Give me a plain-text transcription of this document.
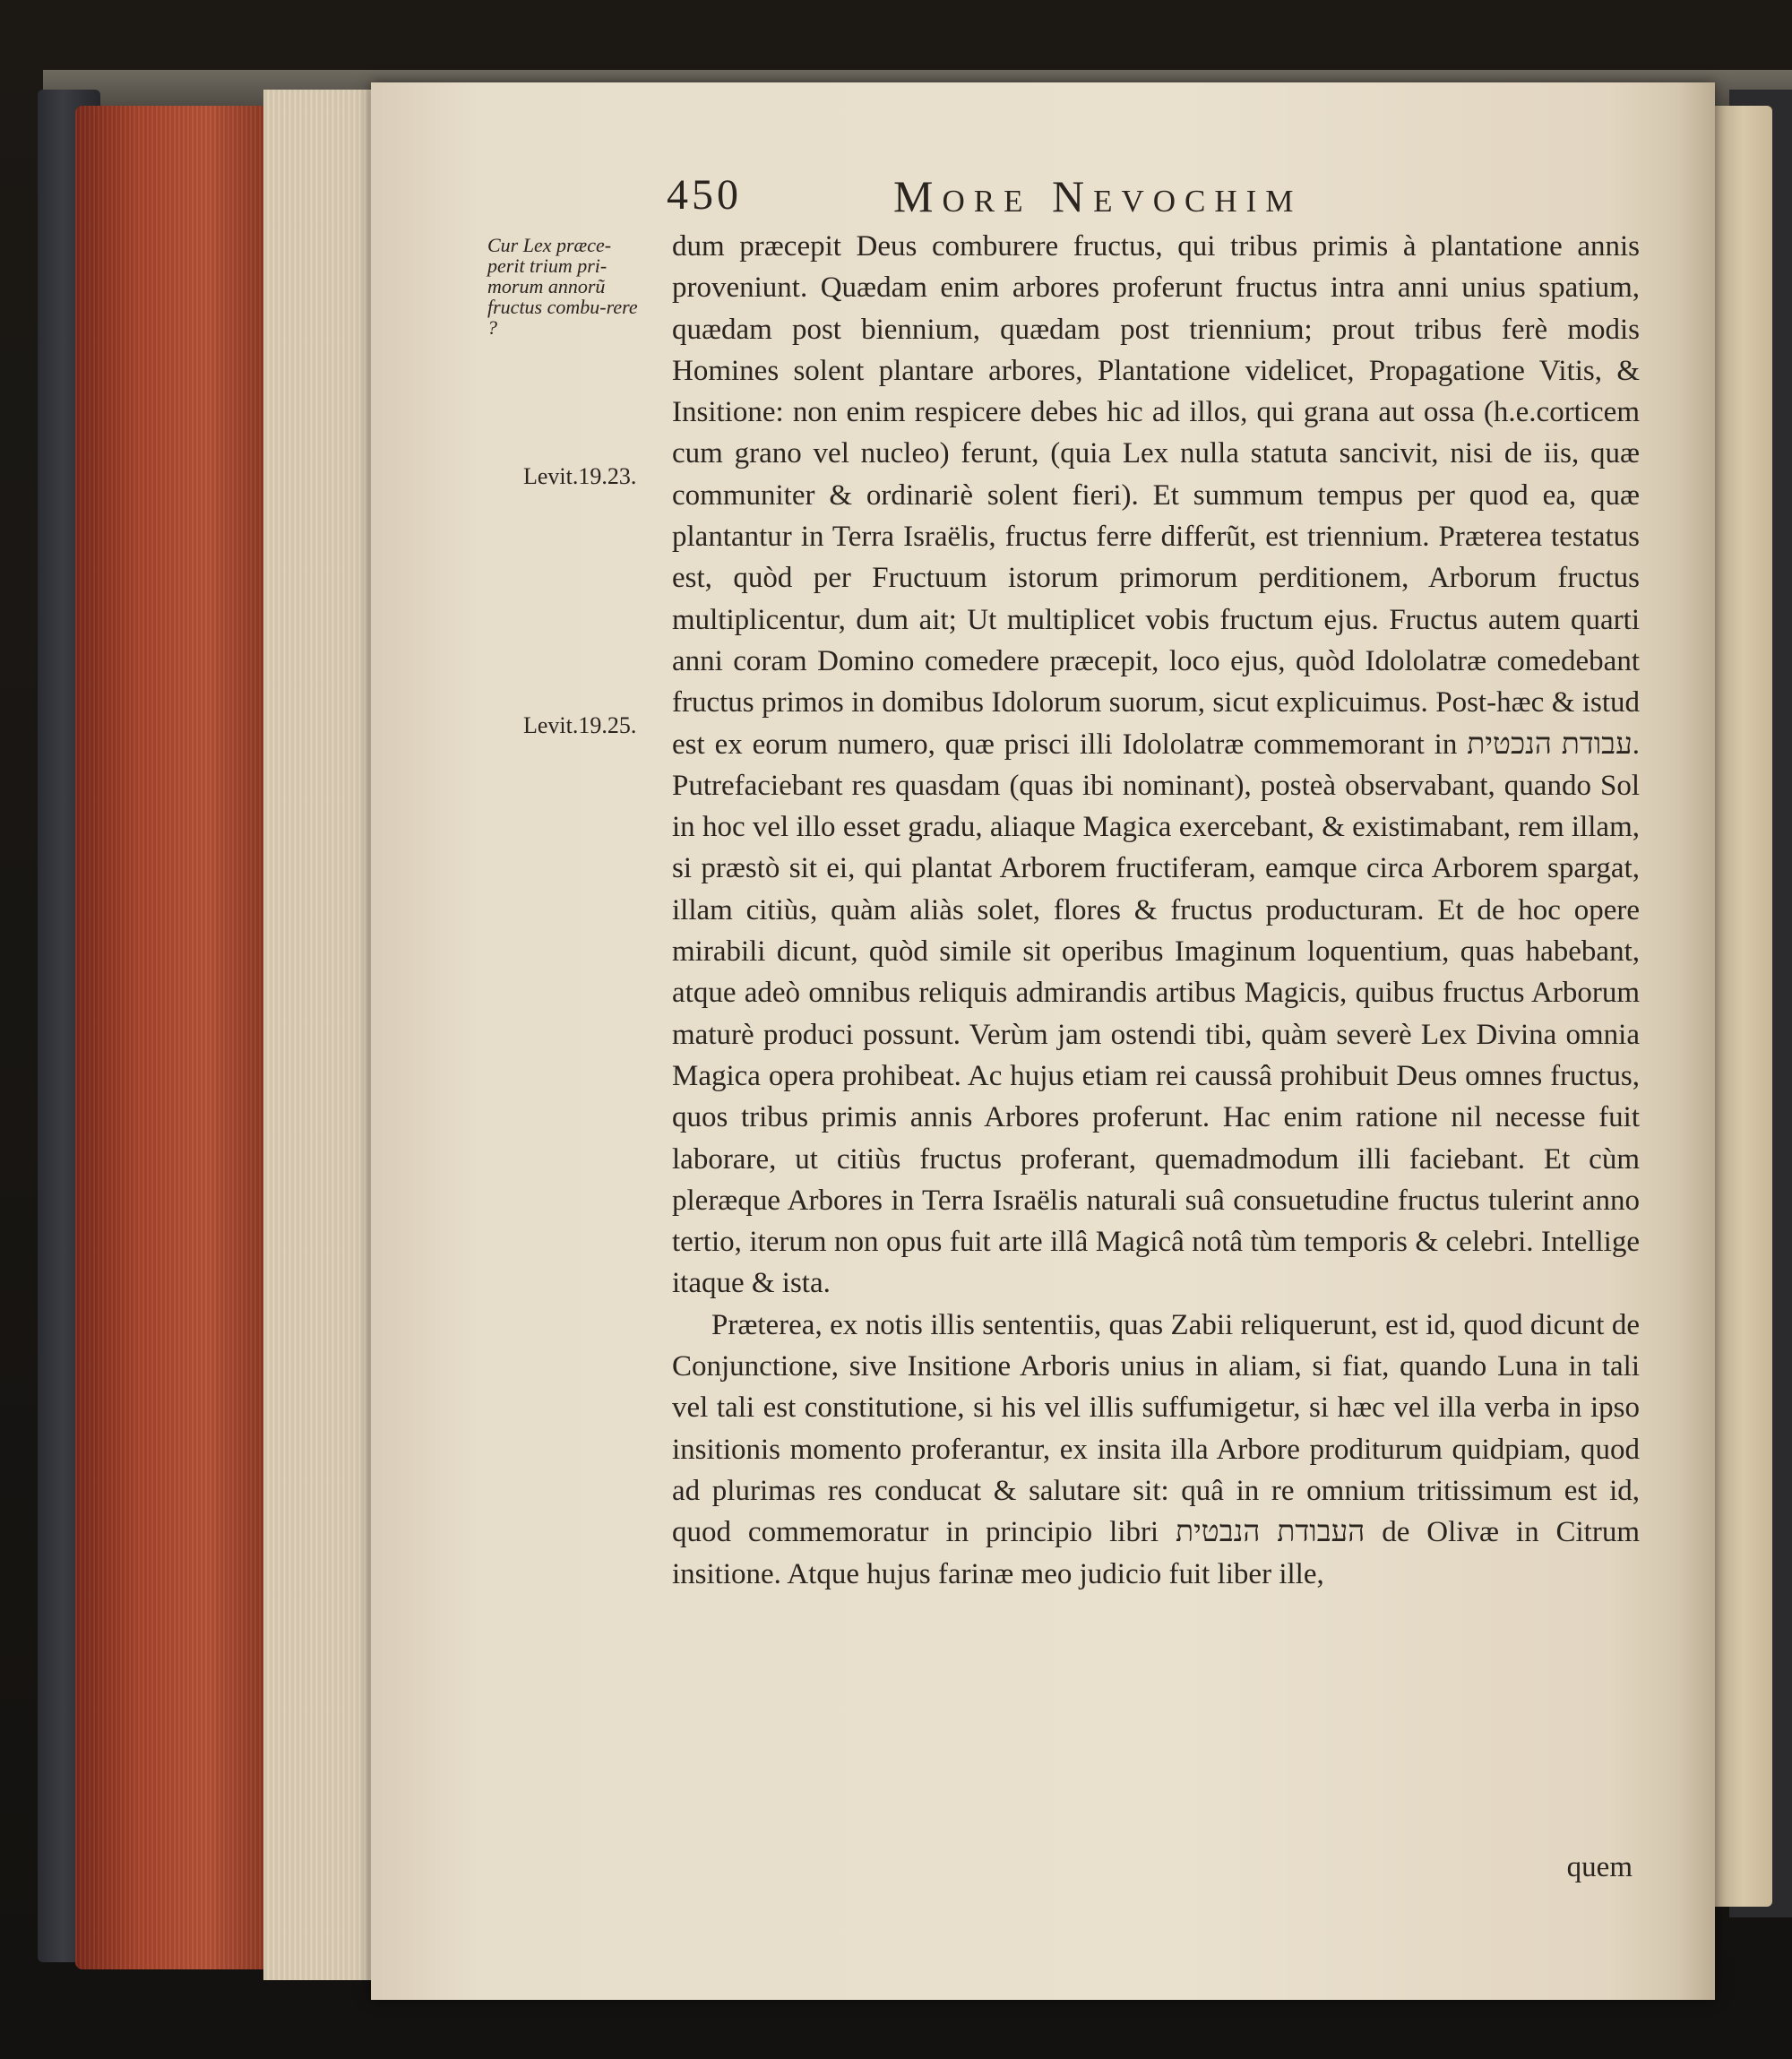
450	More Nevochim
Cur Lex præce-perit trium pri-morum annorũ fructus combu-rere ?
Levit.19.23.
Levit.19.25.

dum præcepit Deus comburere fructus, qui tribus primis à plantatione annis proveniunt. Quædam enim arbores proferunt fructus intra anni unius spatium, quædam post biennium, quædam post triennium; prout tribus ferè modis Homines solent plantare arbores, Plantatione videlicet, Propagatione Vitis, & Insitione: non enim respicere debes hic ad illos, qui grana aut ossa (h.e.corticem cum grano vel nucleo) ferunt, (quia Lex nulla statuta sancivit, nisi de iis, quæ communiter & ordinariè solent fieri). Et summum tempus per quod ea, quæ plantantur in Terra Israëlis, fructus ferre differũt, est triennium. Præterea testatus est, quòd per Fructuum istorum primorum perditionem, Arborum fructus multiplicentur, dum ait; Ut multiplicet vobis fructum ejus. Fructus autem quarti anni coram Domino comedere præcepit, loco ejus, quòd Idololatræ comedebant fructus primos in domibus Idolorum suorum, sicut explicuimus. Post-hæc & istud est ex eorum numero, quæ prisci illi Idololatræ commemorant in עבודת הנכטית. Putrefaciebant res quasdam (quas ibi nominant), posteà observabant, quando Sol in hoc vel illo esset gradu, aliaque Magica exercebant, & existimabant, rem illam, si præstò sit ei, qui plantat Arborem fructiferam, eamque circa Arborem spargat, illam citiùs, quàm aliàs solet, flores & fructus producturam. Et de hoc opere mirabili dicunt, quòd simile sit operibus Imaginum loquentium, quas habebant, atque adeò omnibus reliquis admirandis artibus Magicis, quibus fructus Arborum maturè produci possunt. Verùm jam ostendi tibi, quàm severè Lex Divina omnia Magica opera prohibeat. Ac hujus etiam rei caussâ prohibuit Deus omnes fructus, quos tribus primis annis Arbores proferunt. Hac enim ratione nil necesse fuit laborare, ut citiùs fructus proferant, quemadmodum illi faciebant. Et cùm pleræque Arbores in Terra Israëlis naturali suâ consuetudine fructus tulerint anno tertio, iterum non opus fuit arte illâ Magicâ notâ tùm temporis & celebri. Intellige itaque & ista.

Præterea, ex notis illis sententiis, quas Zabii reliquerunt, est id, quod dicunt de Conjunctione, sive Insitione Arboris unius in aliam, si fiat, quando Luna in tali vel tali est constitutione, si his vel illis suffumigetur, si hæc vel illa verba in ipso insitionis momento proferantur, ex insita illa Arbore proditurum quidpiam, quod ad plurimas res conducat & salutare sit: quâ in re omnium tritissimum est id, quod commemoratur in principio libri העבודת הנבטית de Olivæ in Citrum insitione. Atque hujus farinæ meo judicio fuit liber ille,

quem
